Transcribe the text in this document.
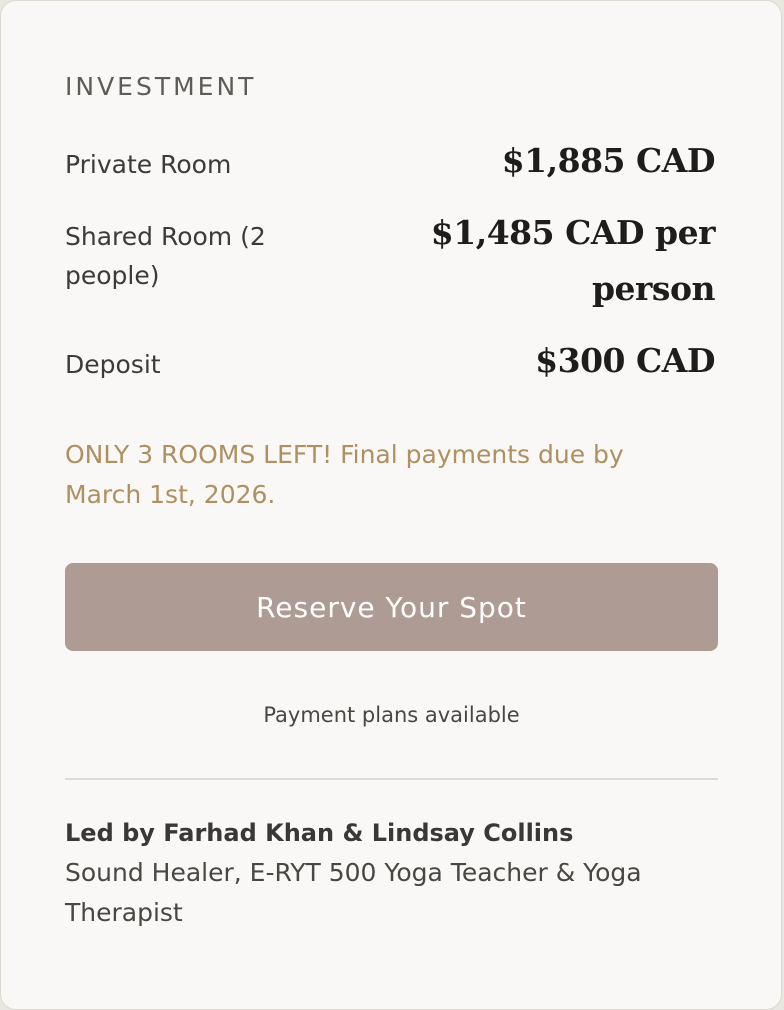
INVESTMENT
Private Room	$1,885 CAD
Shared Room (2
people)
$1,485 CAD per
person
Deposit	$300 CAD
ONLY 3 ROOMS LEFT! Final payments due by March 1st, 2026.
Reserve Your Spot
Payment plans available
Led by Farhad Khan & Lindsay Collins
Sound Healer, E-RYT 500 Yoga Teacher & Yoga Therapist
